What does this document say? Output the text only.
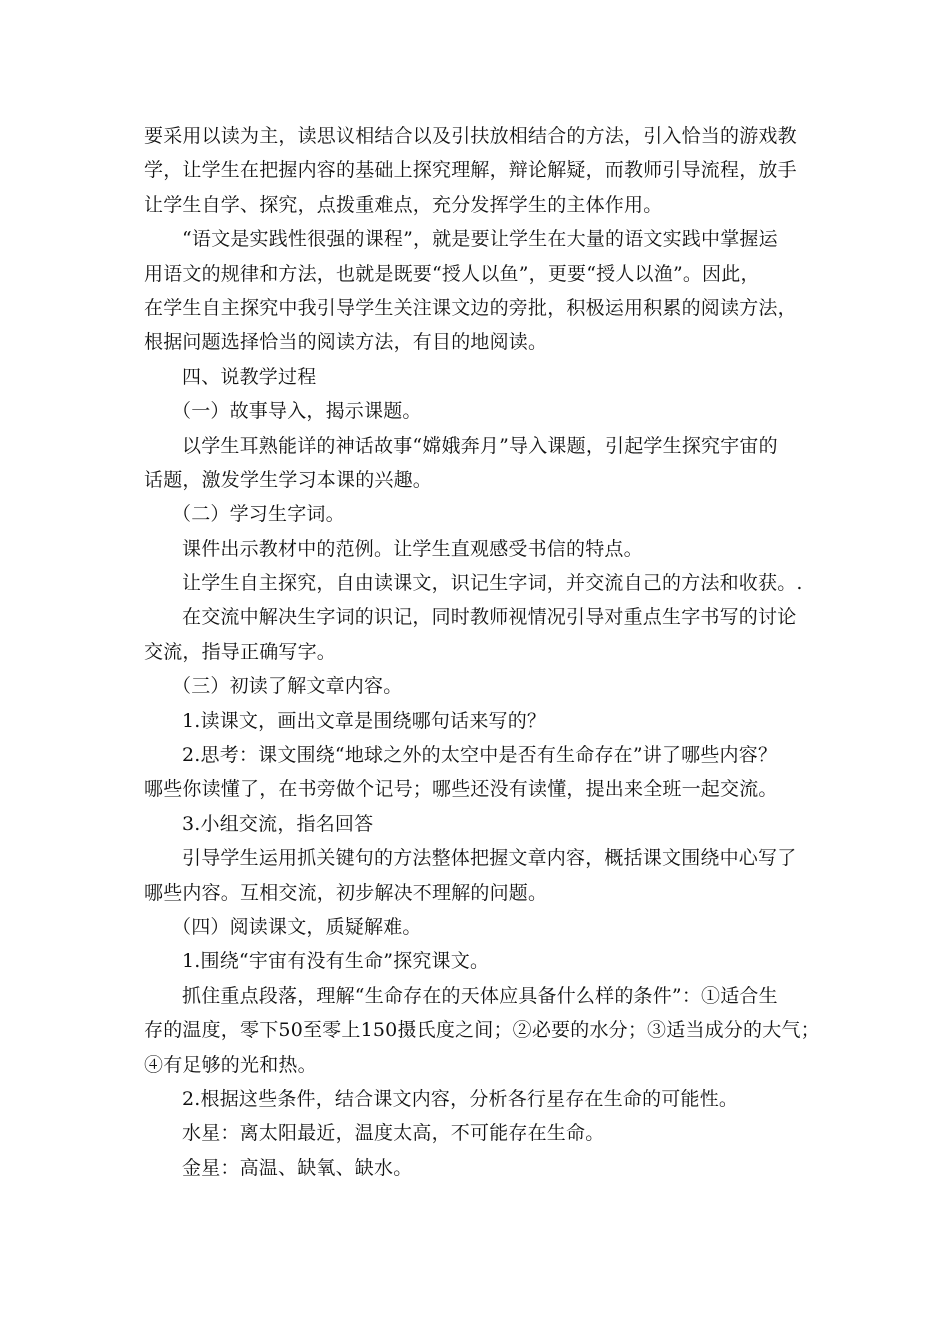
要采用以读为主，读思议相结合以及引扶放相结合的方法，引入恰当的游戏教
学，让学生在把握内容的基础上探究理解，辩论解疑，而教师引导流程，放手
让学生自学、探究，点拨重难点，充分发挥学生的主体作用。
“语文是实践性很强的课程”，就是要让学生在大量的语文实践中掌握运
用语文的规律和方法，也就是既要“授人以鱼”，更要“授人以渔”。因此，
在学生自主探究中我引导学生关注课文边的旁批，积极运用积累的阅读方法，
根据问题选择恰当的阅读方法，有目的地阅读。
四、说教学过程
（一）故事导入，揭示课题。
以学生耳熟能详的神话故事“嫦娥奔月”导入课题，引起学生探究宇宙的
话题，激发学生学习本课的兴趣。
（二）学习生字词。
课件出示教材中的范例。让学生直观感受书信的特点。
让学生自主探究，自由读课文，识记生字词，并交流自己的方法和收获。.
在交流中解决生字词的识记，同时教师视情况引导对重点生字书写的讨论
交流，指导正确写字。
（三）初读了解文章内容。
1.读课文，画出文章是围绕哪句话来写的？
2.思考：课文围绕“地球之外的太空中是否有生命存在”讲了哪些内容？
哪些你读懂了，在书旁做个记号；哪些还没有读懂，提出来全班一起交流。
3.小组交流，指名回答
引导学生运用抓关键句的方法整体把握文章内容，概括课文围绕中心写了
哪些内容。互相交流，初步解决不理解的问题。
（四）阅读课文，质疑解难。
1.围绕“宇宙有没有生命”探究课文。
抓住重点段落，理解“生命存在的天体应具备什么样的条件”：①适合生
存的温度，零下50至零上150摄氏度之间；②必要的水分；③适当成分的大气；
④有足够的光和热。
2.根据这些条件，结合课文内容，分析各行星存在生命的可能性。
水星：离太阳最近，温度太高，不可能存在生命。
金星：高温、缺氧、缺水。
